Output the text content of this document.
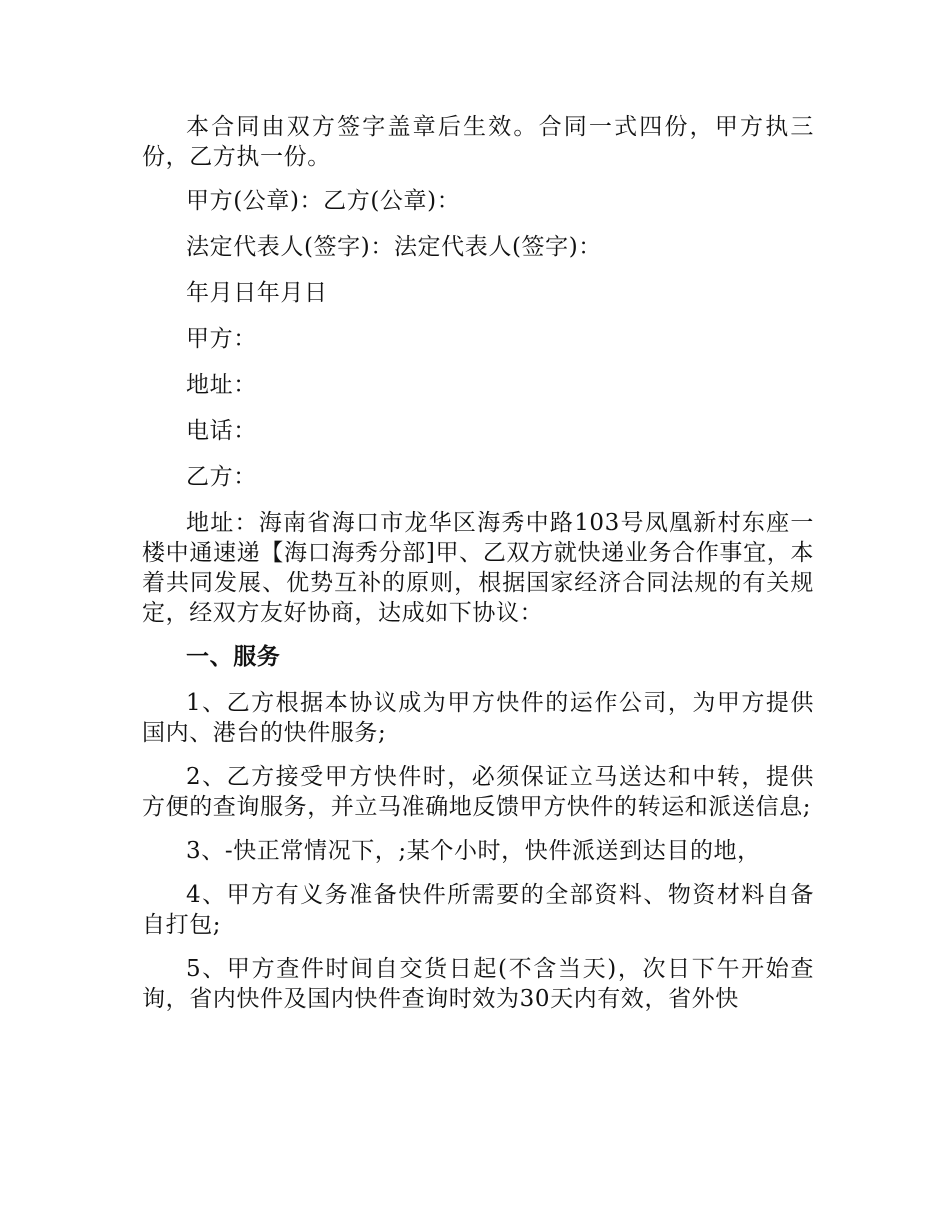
本合同由双方签字盖章后生效。合同一式四份，甲方执三份，乙方执一份。

甲方(公章)：乙方(公章)：

法定代表人(签字)：法定代表人(签字)：

年月日年月日

甲方：

地址：

电话：

乙方：

地址：海南省海口市龙华区海秀中路103号凤凰新村东座一楼中通速递【海口海秀分部]甲、乙双方就快递业务合作事宜，本着共同发展、优势互补的原则，根据国家经济合同法规的有关规定，经双方友好协商，达成如下协议：

一、服务

1、乙方根据本协议成为甲方快件的运作公司，为甲方提供国内、港台的快件服务;

2、乙方接受甲方快件时，必须保证立马送达和中转，提供方便的查询服务，并立马准确地反馈甲方快件的转运和派送信息;

3、-快正常情况下，;某个小时，快件派送到达目的地，

4、甲方有义务准备快件所需要的全部资料、物资材料自备自打包;

5、甲方查件时间自交货日起(不含当天)，次日下午开始查询，省内快件及国内快件查询时效为30天内有效，省外快
